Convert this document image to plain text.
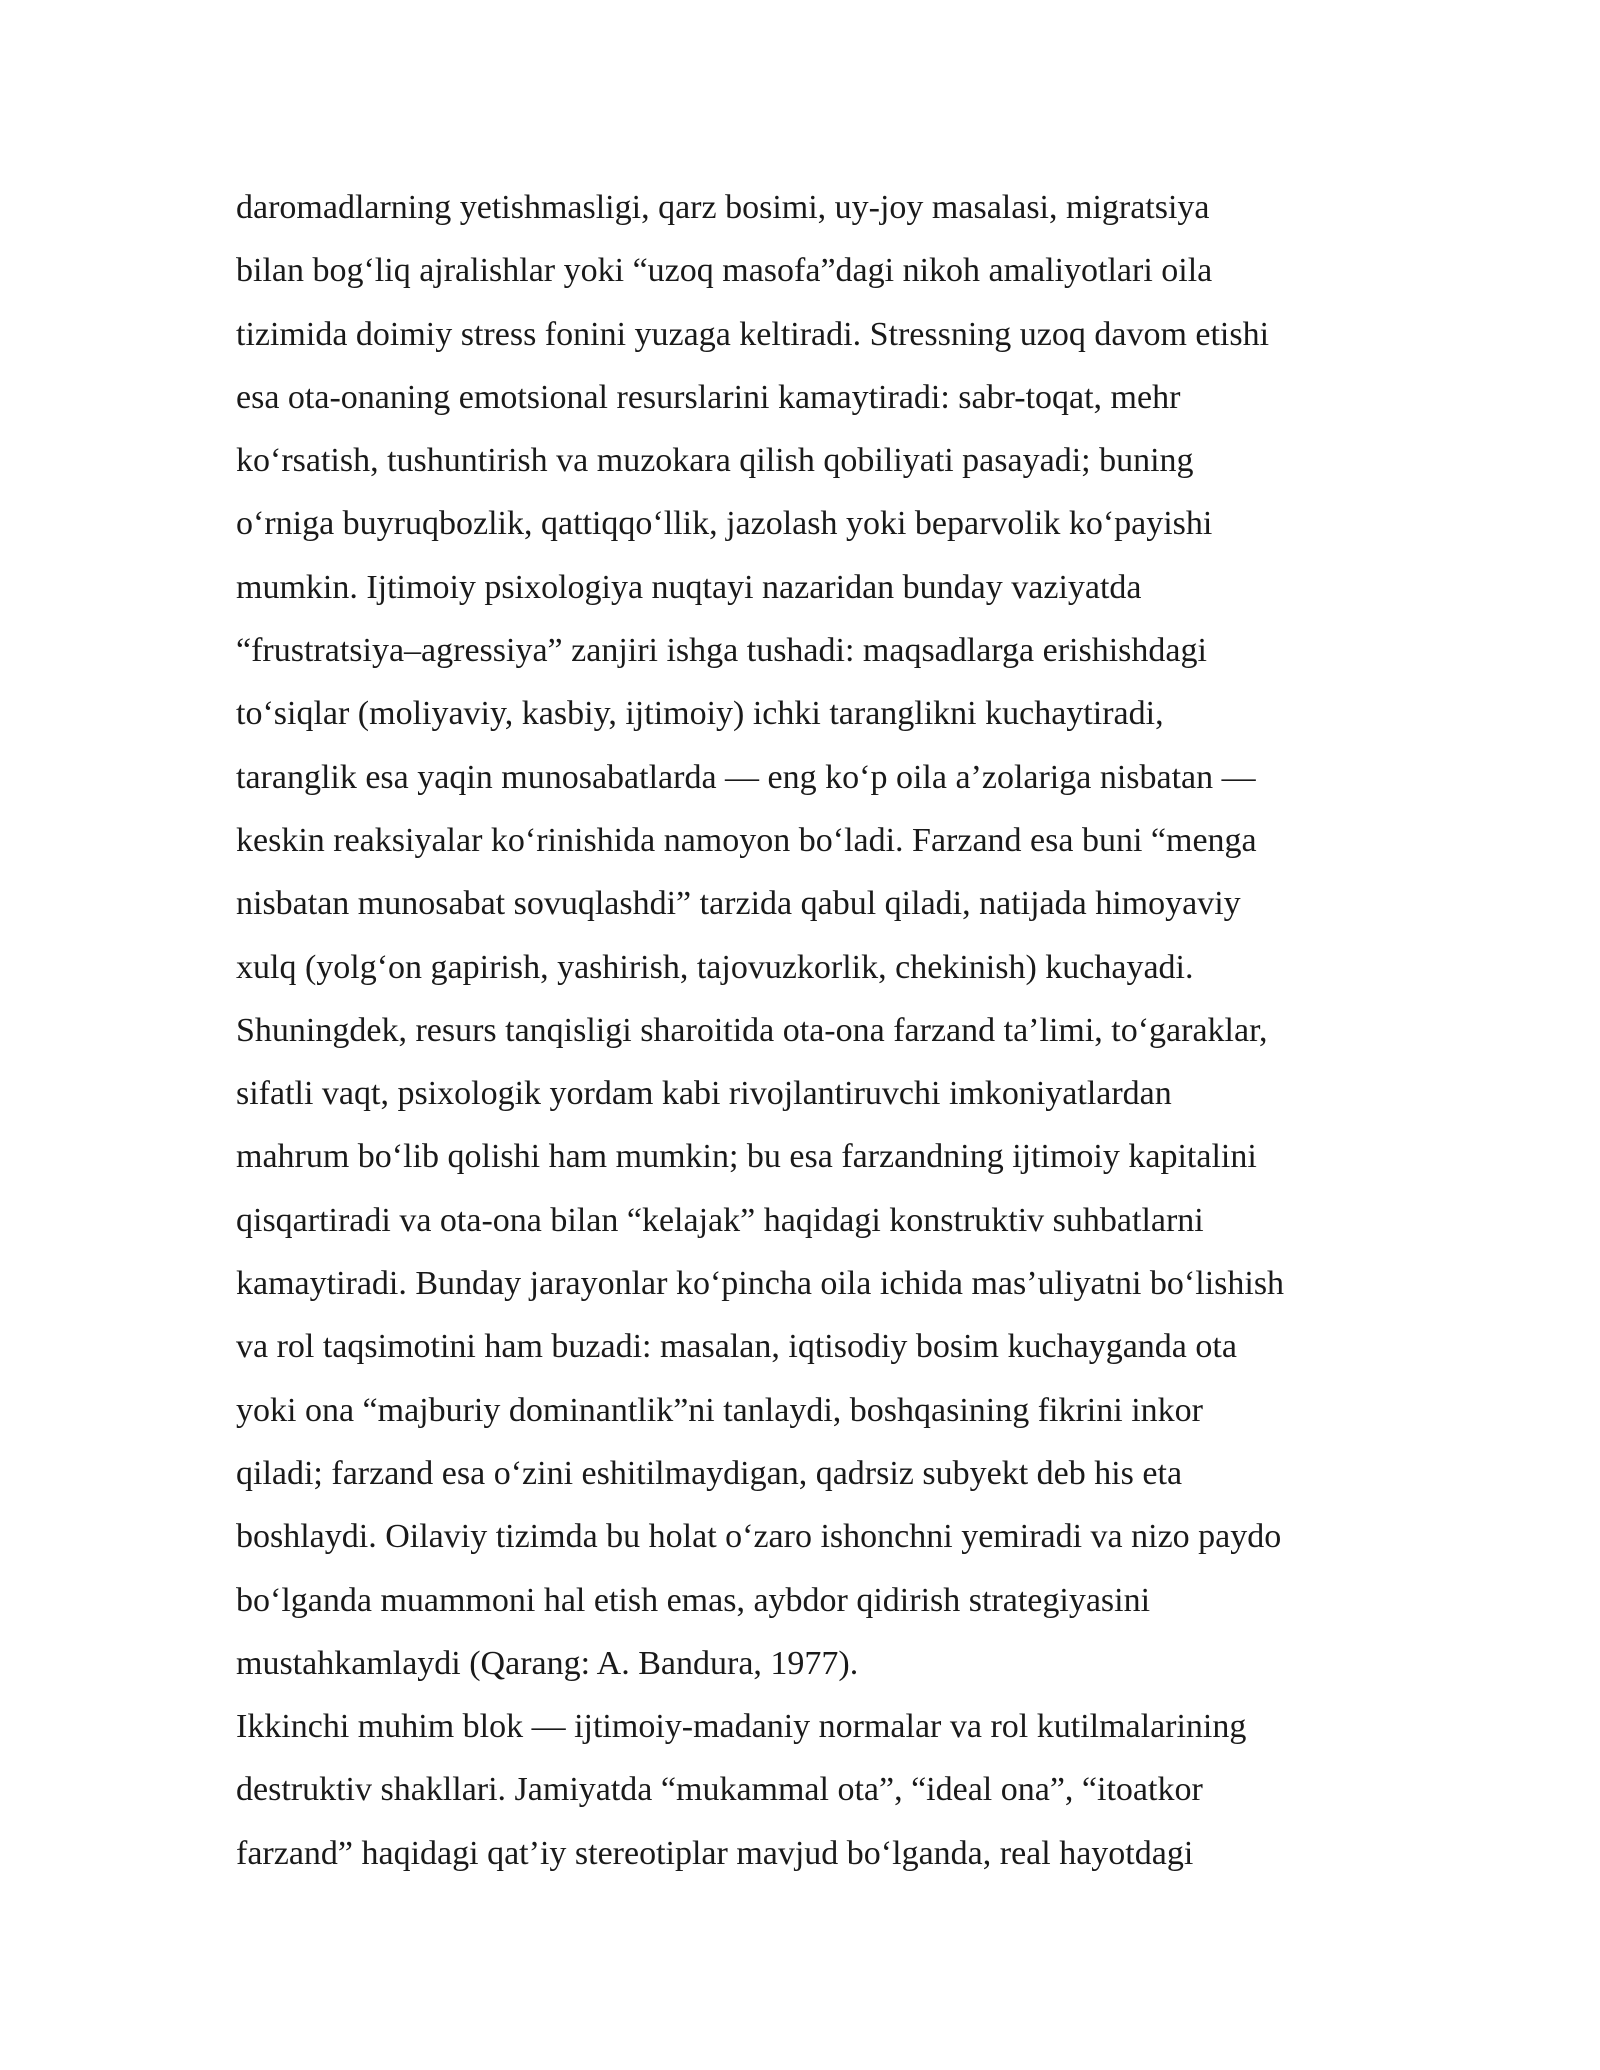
daromadlarning yetishmasligi, qarz bosimi, uy-joy masalasi, migratsiya
bilan bog‘liq ajralishlar yoki “uzoq masofa”dagi nikoh amaliyotlari oila
tizimida doimiy stress fonini yuzaga keltiradi. Stressning uzoq davom etishi
esa ota-onaning emotsional resurslarini kamaytiradi: sabr-toqat, mehr
ko‘rsatish, tushuntirish va muzokara qilish qobiliyati pasayadi; buning
o‘rniga buyruqbozlik, qattiqqo‘llik, jazolash yoki beparvolik ko‘payishi
mumkin. Ijtimoiy psixologiya nuqtayi nazaridan bunday vaziyatda
“frustratsiya–agressiya” zanjiri ishga tushadi: maqsadlarga erishishdagi
to‘siqlar (moliyaviy, kasbiy, ijtimoiy) ichki taranglikni kuchaytiradi,
taranglik esa yaqin munosabatlarda — eng ko‘p oila a’zolariga nisbatan —
keskin reaksiyalar ko‘rinishida namoyon bo‘ladi. Farzand esa buni “menga
nisbatan munosabat sovuqlashdi” tarzida qabul qiladi, natijada himoyaviy
xulq (yolg‘on gapirish, yashirish, tajovuzkorlik, chekinish) kuchayadi.
Shuningdek, resurs tanqisligi sharoitida ota-ona farzand ta’limi, to‘garaklar,
sifatli vaqt, psixologik yordam kabi rivojlantiruvchi imkoniyatlardan
mahrum bo‘lib qolishi ham mumkin; bu esa farzandning ijtimoiy kapitalini
qisqartiradi va ota-ona bilan “kelajak” haqidagi konstruktiv suhbatlarni
kamaytiradi. Bunday jarayonlar ko‘pincha oila ichida mas’uliyatni bo‘lishish
va rol taqsimotini ham buzadi: masalan, iqtisodiy bosim kuchayganda ota
yoki ona “majburiy dominantlik”ni tanlaydi, boshqasining fikrini inkor
qiladi; farzand esa o‘zini eshitilmaydigan, qadrsiz subyekt deb his eta
boshlaydi. Oilaviy tizimda bu holat o‘zaro ishonchni yemiradi va nizo paydo
bo‘lganda muammoni hal etish emas, aybdor qidirish strategiyasini
mustahkamlaydi (Qarang: A. Bandura, 1977).
Ikkinchi muhim blok — ijtimoiy-madaniy normalar va rol kutilmalarining
destruktiv shakllari. Jamiyatda “mukammal ota”, “ideal ona”, “itoatkor
farzand” haqidagi qat’iy stereotiplar mavjud bo‘lganda, real hayotdagi
